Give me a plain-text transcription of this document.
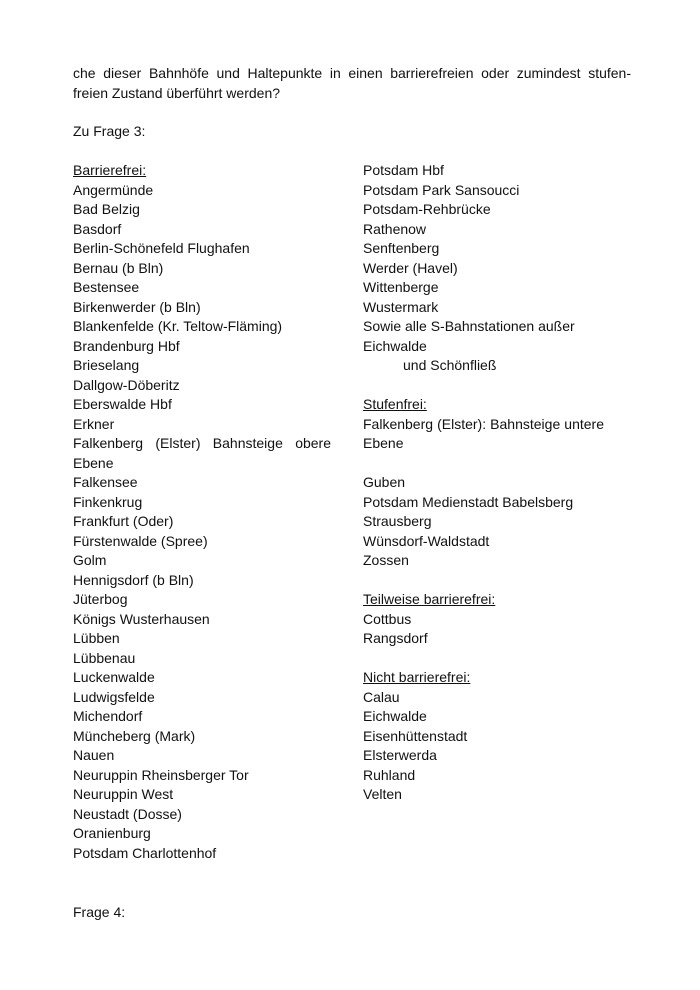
che dieser Bahnhöfe und Haltepunkte in einen barrierefreien oder zumindest stufen-
freien Zustand überführt werden?
Zu Frage 3:
Barrierefrei:	Potsdam Hbf
Angermünde	Potsdam Park Sansoucci
Bad Belzig	Potsdam-Rehbrücke
Basdorf	Rathenow
Berlin-Schönefeld Flughafen	Senftenberg
Bernau (b Bln)	Werder (Havel)
Bestensee	Wittenberge
Birkenwerder (b Bln)	Wustermark
Blankenfelde (Kr. Teltow-Fläming)	Sowie alle S-Bahnstationen außer
Brandenburg Hbf	Eichwalde
Brieselang	und Schönfließ
Dallgow-Döberitz
Eberswalde Hbf	Stufenfrei:
Erkner	Falkenberg (Elster): Bahnsteige untere
Falkenberg (Elster) Bahnsteige obere Ebene
Ebene
Falkensee	Guben
Finkenkrug	Potsdam Medienstadt Babelsberg
Frankfurt (Oder)	Strausberg
Fürstenwalde (Spree)	Wünsdorf-Waldstadt
Golm	Zossen
Hennigsdorf (b Bln)
Jüterbog	Teilweise barrierefrei:
Königs Wusterhausen	Cottbus
Lübben	Rangsdorf
Lübbenau
Luckenwalde	Nicht barrierefrei:
Ludwigsfelde	Calau
Michendorf	Eichwalde
Müncheberg (Mark)	Eisenhüttenstadt
Nauen	Elsterwerda
Neuruppin Rheinsberger Tor	Ruhland
Neuruppin West	Velten
Neustadt (Dosse)
Oranienburg
Potsdam Charlottenhof
Frage 4:
